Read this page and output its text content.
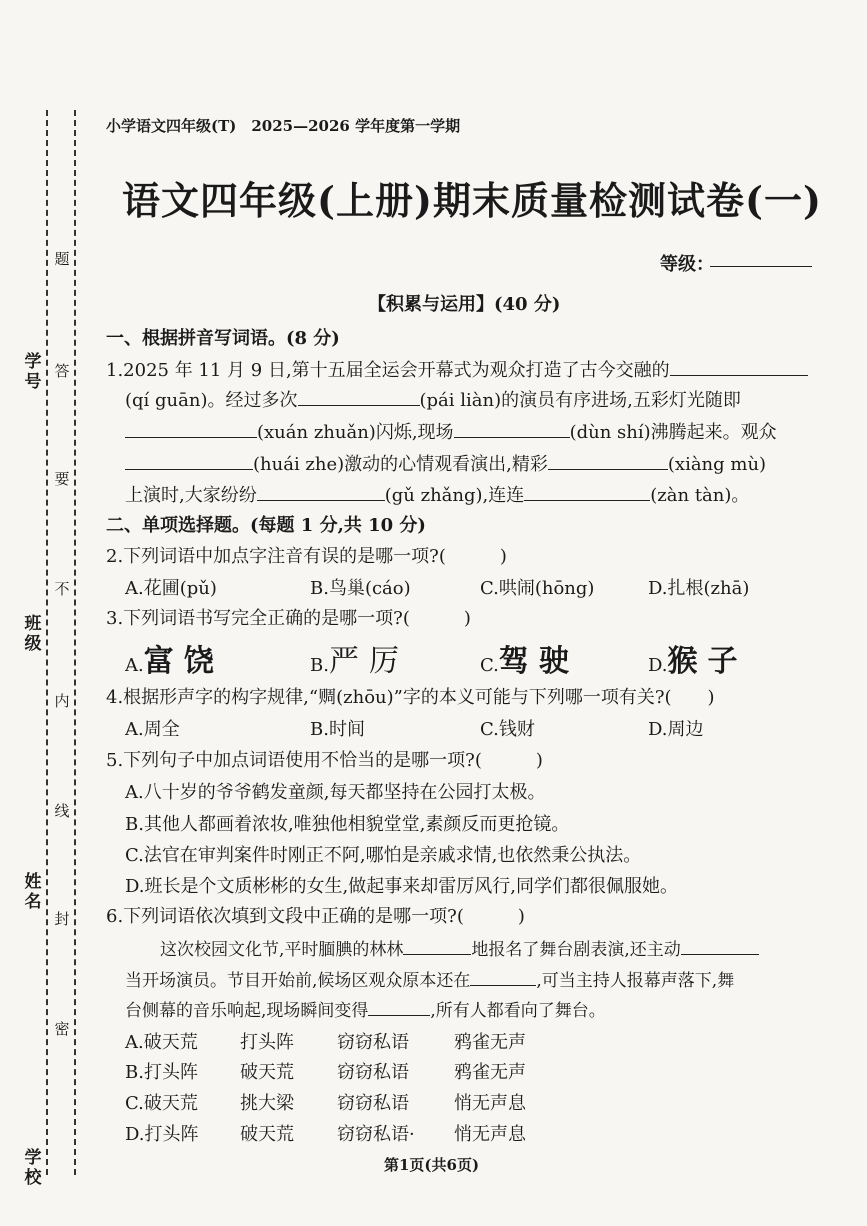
学号
班级
姓名
学校
题
答
要
不
内
线
封
密
小学语文四年级(T)　2025—2026 学年度第一学期
语文四年级(上册)期末质量检测试卷(一)
等级：
【积累与运用】(40 分)
一、根据拼音写词语。(8 分)
1.2025 年 11 月 9 日,第十五届全运会开幕式为观众打造了古今交融的
(qí guān)。经过多次	(pái liàn)的演员有序进场,五彩灯光随即
(xuán zhuǎn)闪烁,现场	(dùn shí)沸腾起来。观众
(huái zhe)激动的心情观看演出,精彩	(xiàng mù)
上演时,大家纷纷	(gǔ zhǎng),连连	(zàn tàn)。
二、单项选择题。(每题 1 分,共 10 分)
2.下列词语中加点字注音有误的是哪一项?(　　　)
A.花圃(pǔ)	B.鸟巢(cáo)	C.哄闹(hōng)	D.扎根(zhā)
3.下列词语书写完全正确的是哪一项?(　　　)
A.富饶	B.严厉	C.驾驶	D.猴子
4.根据形声字的构字规律,“赒(zhōu)”字的本义可能与下列哪一项有关?(　　)
A.周全	B.时间	C.钱财	D.周边
5.下列句子中加点词语使用不恰当的是哪一项?(　　　)
A.八十岁的爷爷鹤发童颜,每天都坚持在公园打太极。
B.其他人都画着浓妆,唯独他相貌堂堂,素颜反而更抢镜。
C.法官在审判案件时刚正不阿,哪怕是亲戚求情,也依然秉公执法。
D.班长是个文质彬彬的女生,做起事来却雷厉风行,同学们都很佩服她。
6.下列词语依次填到文段中正确的是哪一项?(　　　)
这次校园文化节,平时腼腆的林林	地报名了舞台剧表演,还主动
当开场演员。节目开始前,候场区观众原本还在	,可当主持人报幕声落下,舞
台侧幕的音乐响起,现场瞬间变得	,所有人都看向了舞台。
A.破天荒 打头阵 窃窃私语	鸦雀无声
B.打头阵 破天荒 窃窃私语	鸦雀无声
C.破天荒 挑大梁 窃窃私语	悄无声息
D.打头阵 破天荒 窃窃私语· 悄无声息
第1页(共6页)
